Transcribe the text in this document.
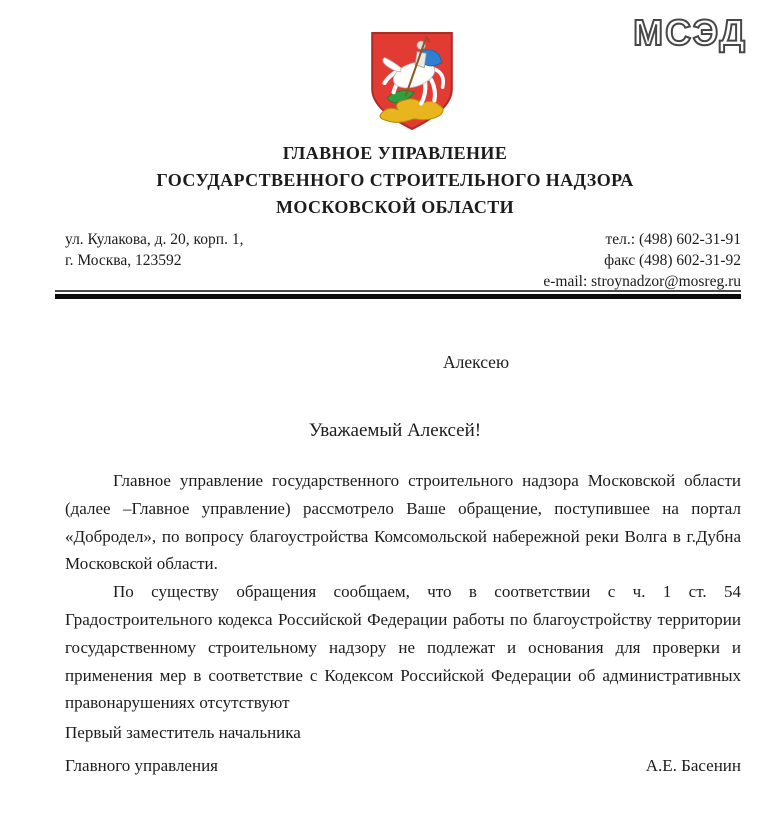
МСЭД
ГЛАВНОЕ УПРАВЛЕНИЕ
ГОСУДАРСТВЕННОГО СТРОИТЕЛЬНОГО НАДЗОРА
МОСКОВСКОЙ ОБЛАСТИ
ул. Кулакова, д. 20, корп. 1,
г. Москва, 123592
тел.: (498) 602-31-91
факс (498) 602-31-92
e-mail: stroynadzor@mosreg.ru
Алексею
Уважаемый Алексей!

Главное управление государственного строительного надзора Московской области (далее –Главное управление) рассмотрело Ваше обращение, поступившее на портал «Добродел», по вопросу благоустройства Комсомольской набережной реки Волга в г.Дубна Московской области.

По существу обращения сообщаем, что в соответствии с ч. 1 ст. 54 Градостроительного кодекса Российской Федерации работы по благоустройству территории государственному строительному надзору не подлежат и основания для проверки и применения мер в соответствие с Кодексом Российской Федерации об административных правонарушениях отсутствуют

Первый заместитель начальника
Главного управления	А.Е. Басенин
